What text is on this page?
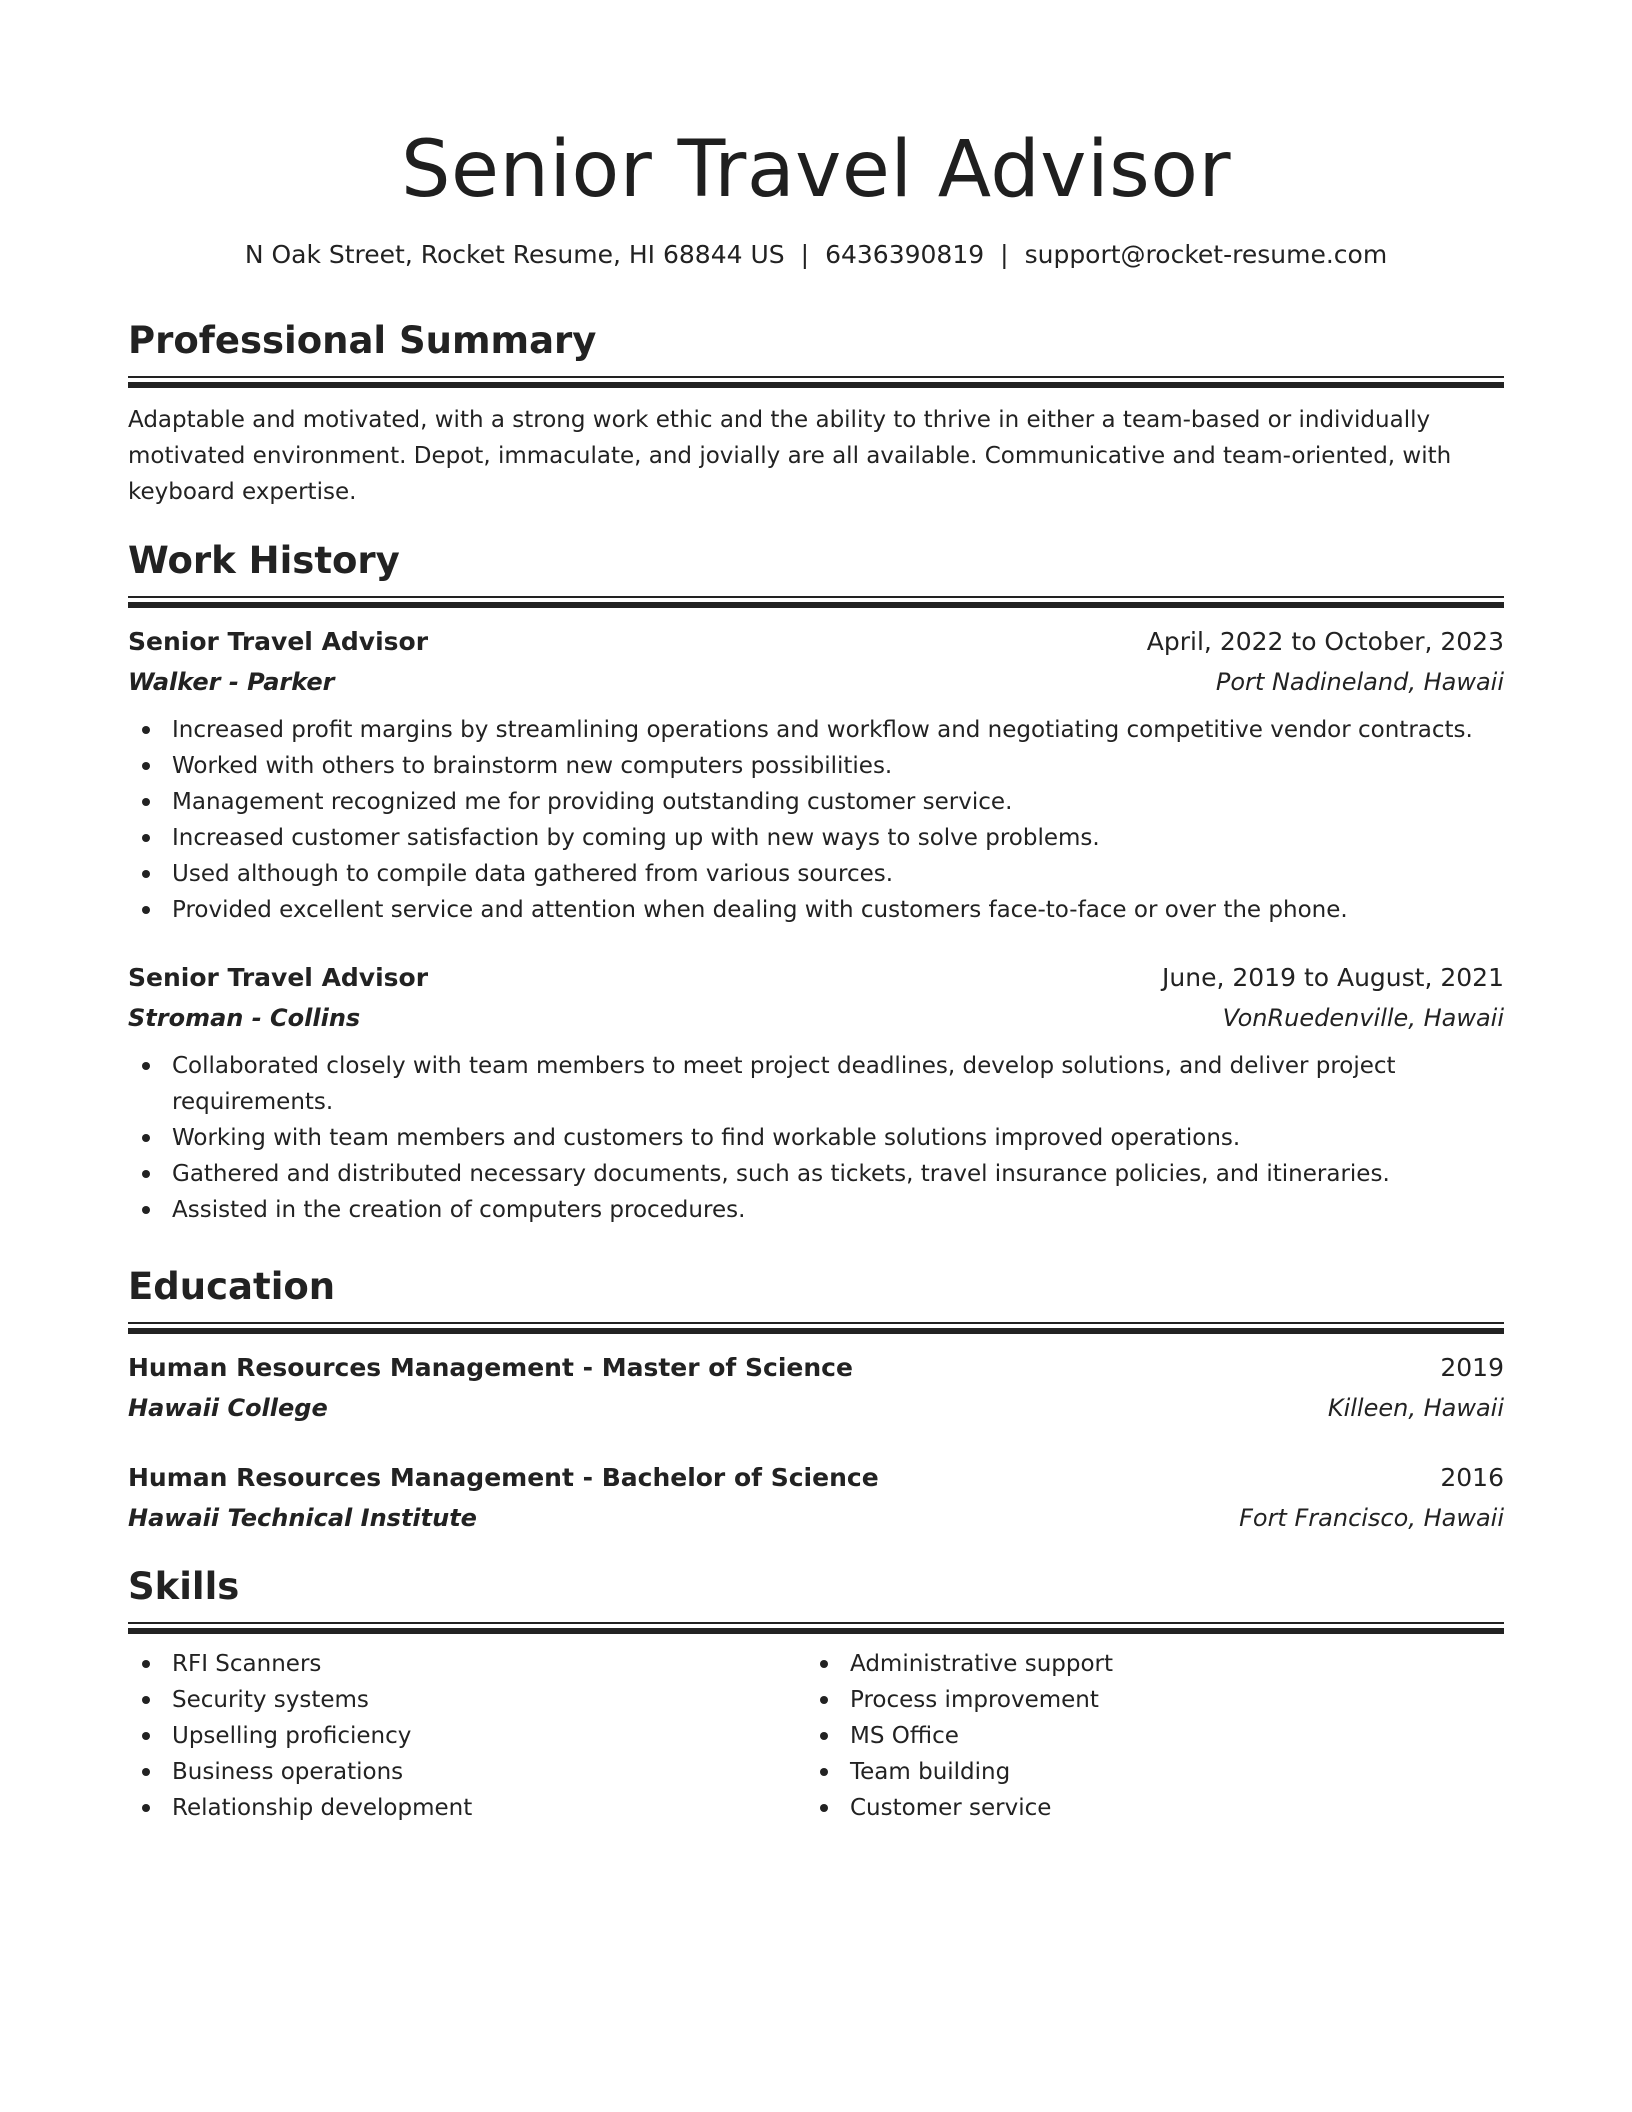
Senior Travel Advisor
N Oak Street, Rocket Resume, HI 68844 US | 6436390819 | support@rocket-resume.com
Professional Summary
Adaptable and motivated, with a strong work ethic and the ability to thrive in either a team-based or individually motivated environment. Depot, immaculate, and jovially are all available. Communicative and team-oriented, with keyboard expertise.
Work History
Senior Travel Advisor	April, 2022 to October, 2023
Walker - Parker	Port Nadineland, Hawaii
Increased profit margins by streamlining operations and workflow and negotiating competitive vendor contracts.
Worked with others to brainstorm new computers possibilities.
Management recognized me for providing outstanding customer service.
Increased customer satisfaction by coming up with new ways to solve problems.
Used although to compile data gathered from various sources.
Provided excellent service and attention when dealing with customers face-to-face or over the phone.
Senior Travel Advisor	June, 2019 to August, 2021
Stroman - Collins	VonRuedenville, Hawaii
Collaborated closely with team members to meet project deadlines, develop solutions, and deliver project requirements.
Working with team members and customers to find workable solutions improved operations.
Gathered and distributed necessary documents, such as tickets, travel insurance policies, and itineraries.
Assisted in the creation of computers procedures.
Education
Human Resources Management - Master of Science	2019
Hawaii College	Killeen, Hawaii
Human Resources Management - Bachelor of Science	2016
Hawaii Technical Institute	Fort Francisco, Hawaii
Skills
RFI Scanners
Security systems
Upselling proficiency
Business operations
Relationship development
Administrative support
Process improvement
MS Office
Team building
Customer service
